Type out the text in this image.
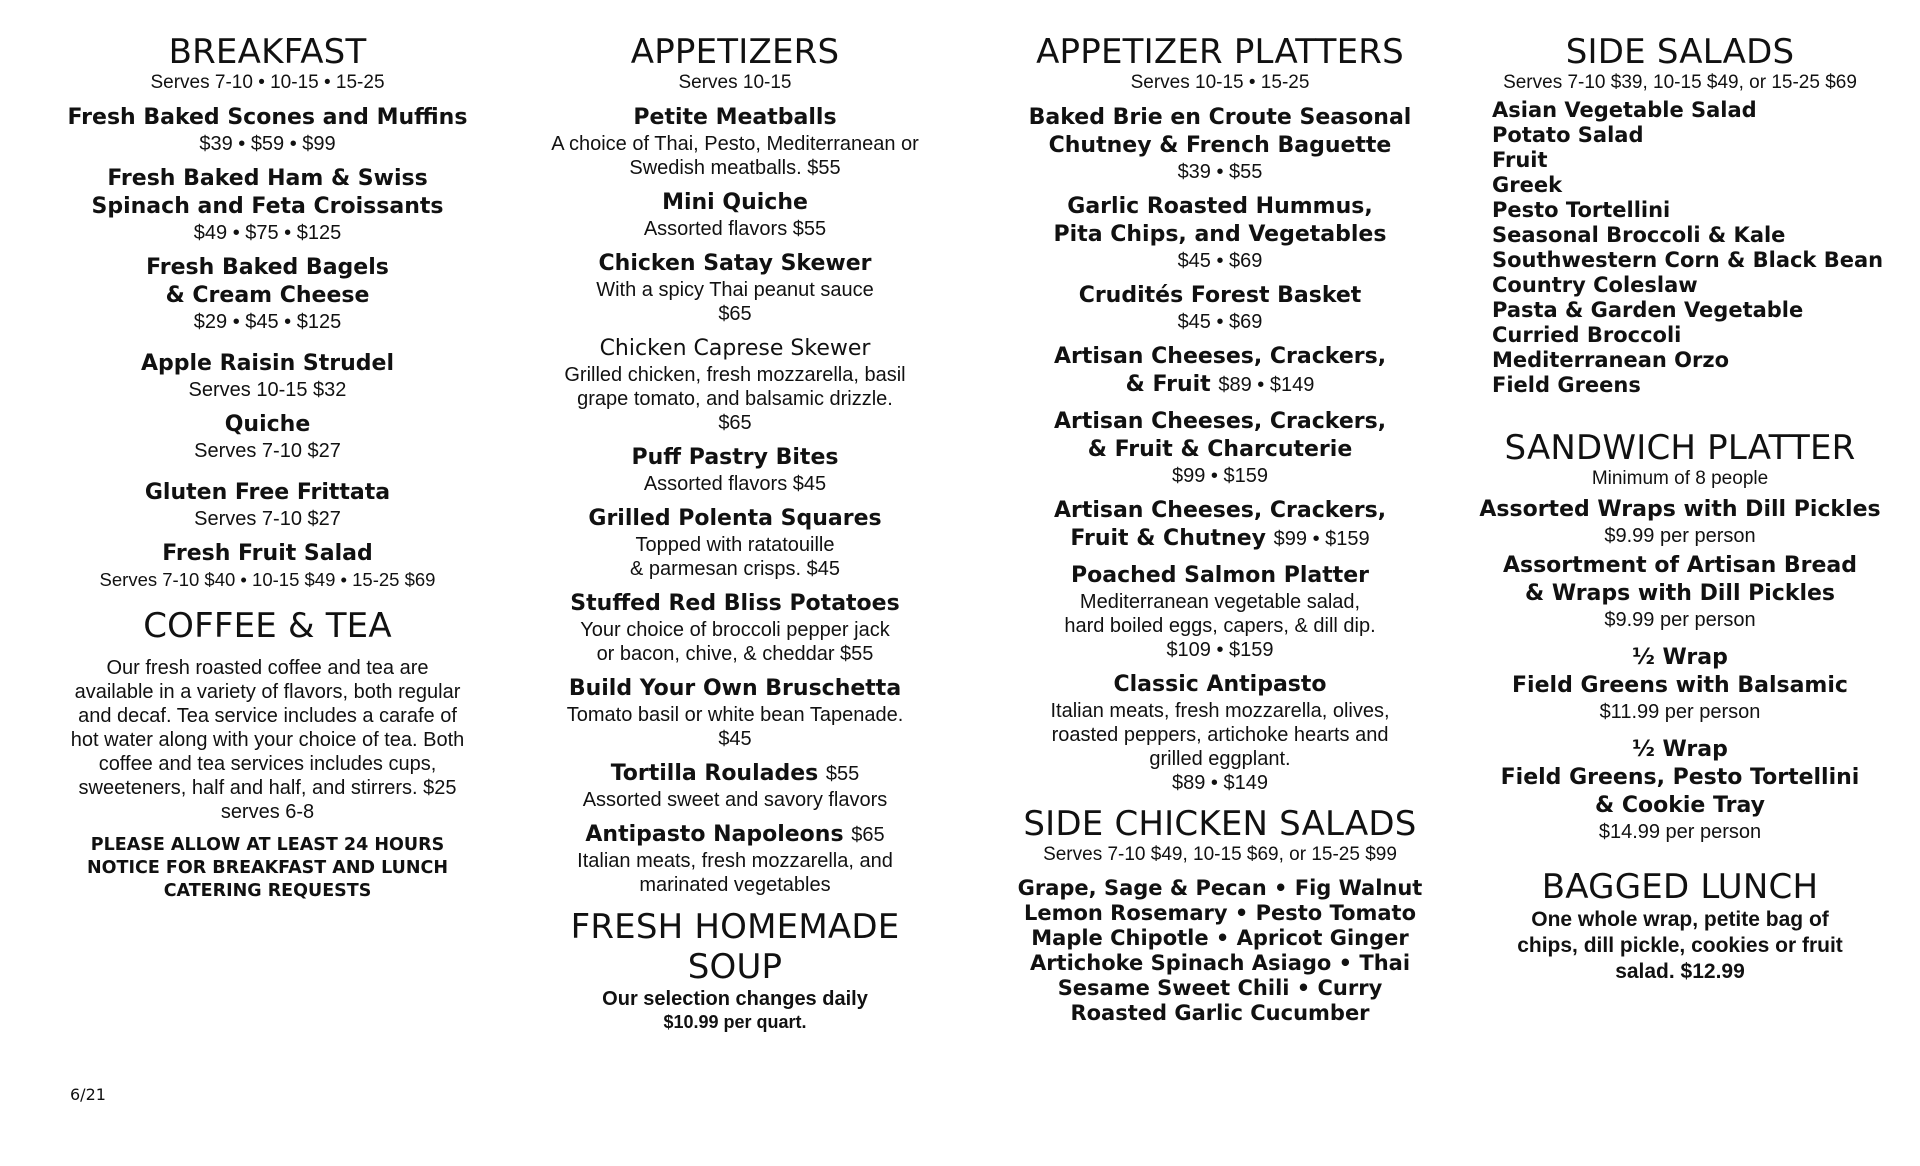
BREAKFAST
Serves 7-10 • 10-15 • 15-25
Fresh Baked Scones and Muffins
$39 • $59 • $99
Fresh Baked Ham & Swiss
Spinach and Feta Croissants
$49 • $75 • $125
Fresh Baked Bagels
& Cream Cheese
$29 • $45 • $125
Apple Raisin Strudel
Serves 10-15 $32
Quiche
Serves 7-10 $27
Gluten Free Frittata
Serves 7-10 $27
Fresh Fruit Salad
Serves 7-10 $40 • 10-15 $49 • 15-25 $69
COFFEE & TEA
Our fresh roasted coffee and tea are available in a variety of flavors, both regular and decaf. Tea service includes a carafe of hot water along with your choice of tea. Both coffee and tea services includes cups, sweeteners, half and half, and stirrers. $25 serves 6-8
PLEASE ALLOW AT LEAST 24 HOURS
NOTICE FOR BREAKFAST AND LUNCH
CATERING REQUESTS
APPETIZERS
Serves 10-15
Petite Meatballs
A choice of Thai, Pesto, Mediterranean or
Swedish meatballs. $55
Mini Quiche
Assorted flavors $55
Chicken Satay Skewer
With a spicy Thai peanut sauce
$65
Chicken Caprese Skewer
Grilled chicken, fresh mozzarella, basil
grape tomato, and balsamic drizzle.
$65
Puff Pastry Bites
Assorted flavors $45
Grilled Polenta Squares
Topped with ratatouille
& parmesan crisps. $45
Stuffed Red Bliss Potatoes
Your choice of broccoli pepper jack
or bacon, chive, & cheddar $55
Build Your Own Bruschetta
Tomato basil or white bean Tapenade.
$45
Tortilla Roulades $55
Assorted sweet and savory flavors
Antipasto Napoleons $65
Italian meats, fresh mozzarella, and
marinated vegetables
FRESH HOMEMADE
SOUP
Our selection changes daily
$10.99 per quart.
APPETIZER PLATTERS
Serves 10-15 • 15-25
Baked Brie en Croute Seasonal
Chutney & French Baguette
$39 • $55
Garlic Roasted Hummus,
Pita Chips, and Vegetables
$45 • $69
Crudités Forest Basket
$45 • $69
Artisan Cheeses, Crackers,
& Fruit $89 • $149
Artisan Cheeses, Crackers,
& Fruit & Charcuterie
$99 • $159
Artisan Cheeses, Crackers,
Fruit & Chutney $99 • $159
Poached Salmon Platter
Mediterranean vegetable salad,
hard boiled eggs, capers, & dill dip.
$109 • $159
Classic Antipasto
Italian meats, fresh mozzarella, olives,
roasted peppers, artichoke hearts and
grilled eggplant.
$89 • $149
SIDE CHICKEN SALADS
Serves 7-10 $49, 10-15 $69, or 15-25 $99
Grape, Sage & Pecan • Fig Walnut
Lemon Rosemary • Pesto Tomato
Maple Chipotle • Apricot Ginger
Artichoke Spinach Asiago • Thai
Sesame Sweet Chili • Curry
Roasted Garlic Cucumber
SIDE SALADS
Serves 7-10 $39, 10-15 $49, or 15-25 $69
Asian Vegetable Salad
Potato Salad
Fruit
Greek
Pesto Tortellini
Seasonal Broccoli & Kale
Southwestern Corn & Black Bean
Country Coleslaw
Pasta & Garden Vegetable
Curried Broccoli
Mediterranean Orzo
Field Greens
SANDWICH PLATTER
Minimum of 8 people
Assorted Wraps with Dill Pickles
$9.99 per person
Assortment of Artisan Bread
& Wraps with Dill Pickles
$9.99 per person
½ Wrap
Field Greens with Balsamic
$11.99 per person
½ Wrap
Field Greens, Pesto Tortellini
& Cookie Tray
$14.99 per person
BAGGED LUNCH
One whole wrap, petite bag of
chips, dill pickle, cookies or fruit
salad. $12.99
6/21
